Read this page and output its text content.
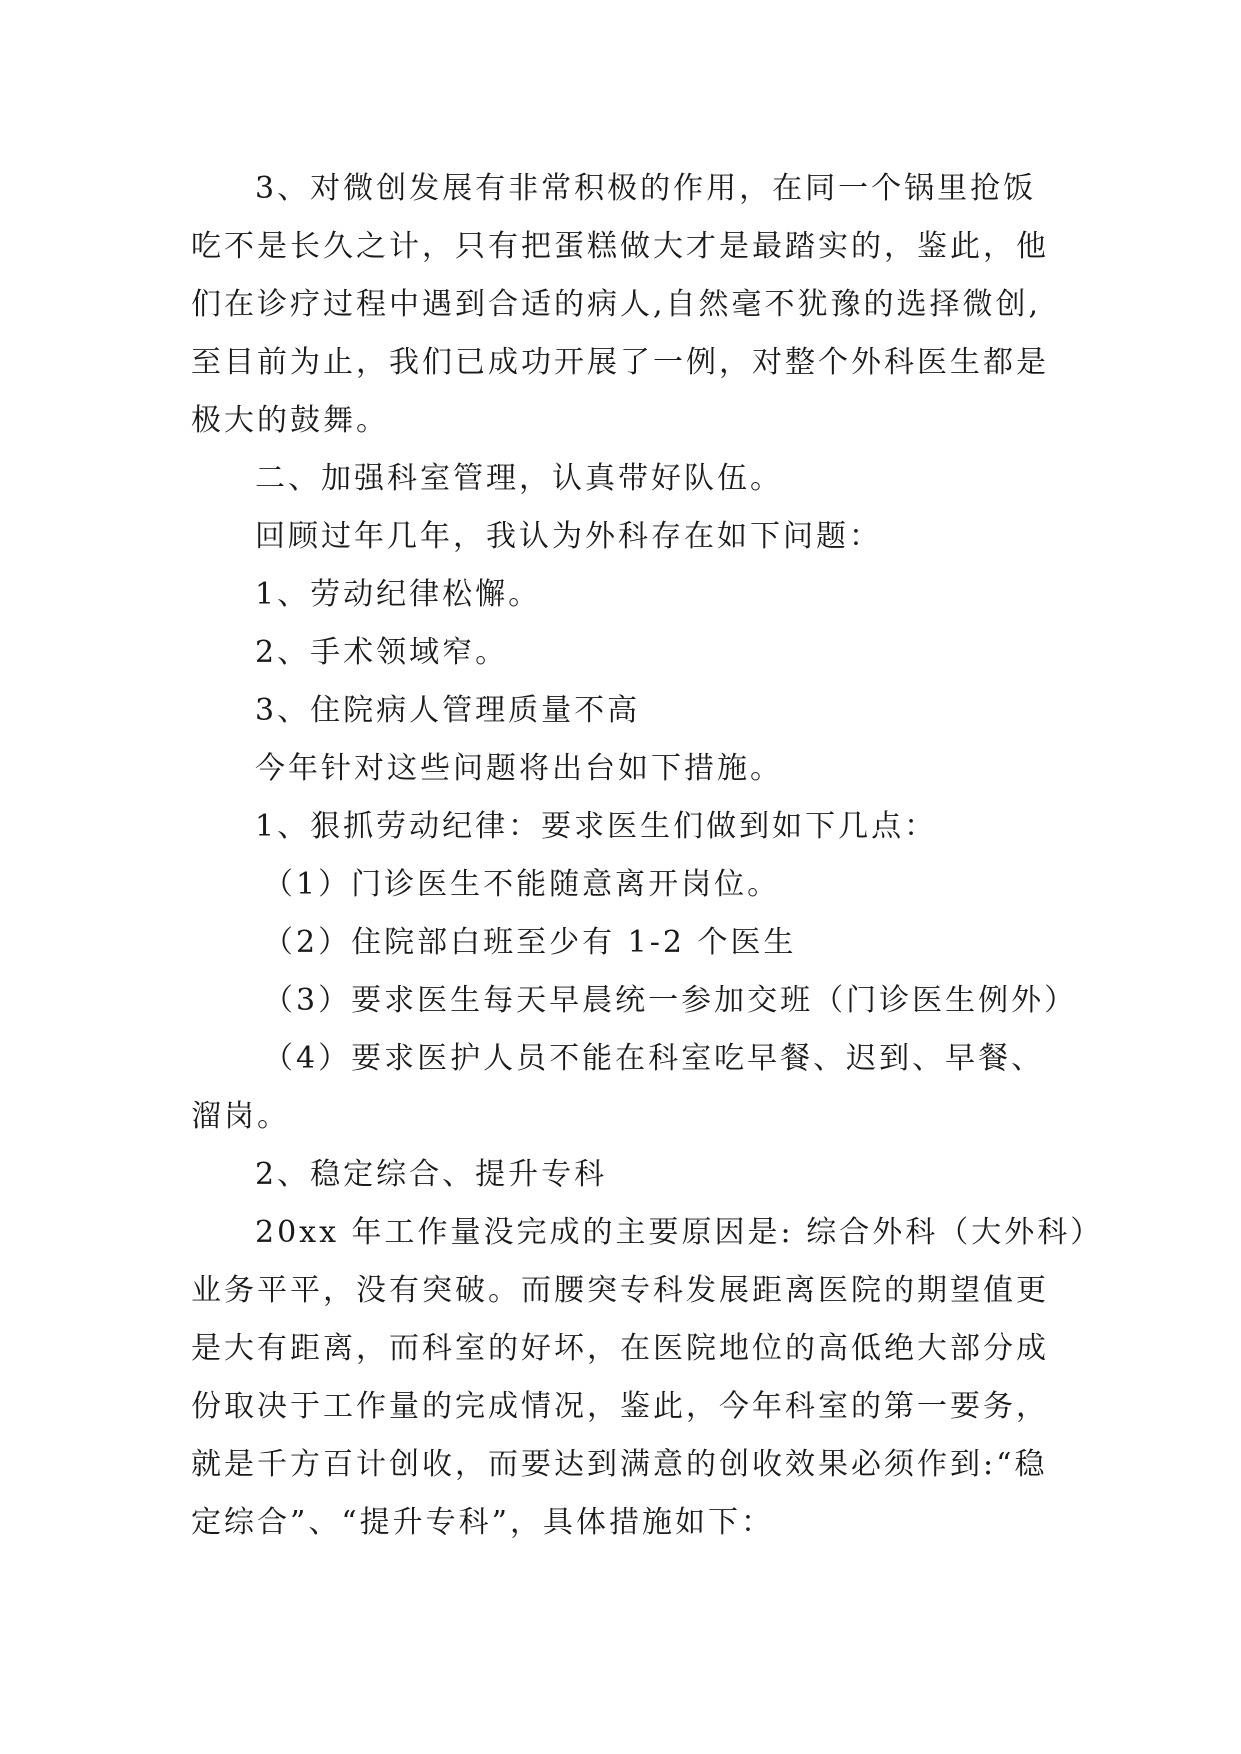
3、对微创发展有非常积极的作用，在同一个锅里抢饭
吃不是长久之计，只有把蛋糕做大才是最踏实的，鉴此，他
们在诊疗过程中遇到合适的病人,自然毫不犹豫的选择微创,
至目前为止，我们已成功开展了一例，对整个外科医生都是
极大的鼓舞。
二、加强科室管理，认真带好队伍。
回顾过年几年，我认为外科存在如下问题：
1、劳动纪律松懈。
2、手术领域窄。
3、住院病人管理质量不高
今年针对这些问题将出台如下措施。
1、狠抓劳动纪律：要求医生们做到如下几点：
（1）门诊医生不能随意离开岗位。
（2）住院部白班至少有 1-2 个医生
（3）要求医生每天早晨统一参加交班（门诊医生例外）
（4）要求医护人员不能在科室吃早餐、迟到、早餐、
溜岗。
2、稳定综合、提升专科
20xx 年工作量没完成的主要原因是: 综合外科（大外科）
业务平平，没有突破。而腰突专科发展距离医院的期望值更
是大有距离，而科室的好坏，在医院地位的高低绝大部分成
份取决于工作量的完成情况，鉴此，今年科室的第一要务，
就是千方百计创收，而要达到满意的创收效果必须作到:“稳
定综合”、“提升专科”，具体措施如下：
